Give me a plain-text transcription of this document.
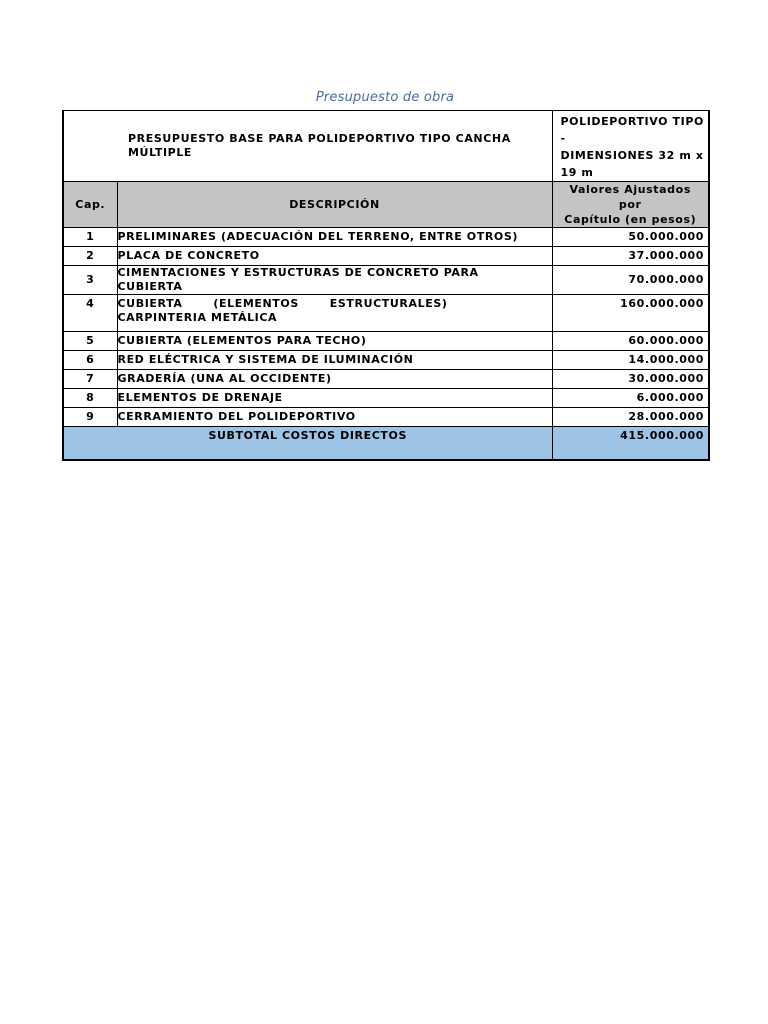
Presupuesto de obra
PRESUPUESTO BASE PARA POLIDEPORTIVO TIPO CANCHA MÚLTIPLE		POLIDEPORTIVO TIPO
-
DIMENSIONES 32 m x
19 m

Cap.	DESCRIPCIÓN	Valores Ajustados por
Capítulo (en pesos)

1	PRELIMINARES (ADECUACIÓN DEL TERRENO, ENTRE OTROS)	50.000.000
2	PLACA DE CONCRETO	37.000.000
3	CIMENTACIONES Y ESTRUCTURAS DE CONCRETO PARA CUBIERTA	70.000.000
4	CUBIERTA (ELEMENTOS ESTRUCTURALES)
CARPINTERIA METÁLICA	160.000.000
5	CUBIERTA (ELEMENTOS PARA TECHO)	60.000.000
6	RED ELÉCTRICA Y SISTEMA DE ILUMINACIÓN	14.000.000
7	GRADERÍA (UNA AL OCCIDENTE)	30.000.000
8	ELEMENTOS DE DRENAJE	6.000.000
9	CERRAMIENTO DEL POLIDEPORTIVO	28.000.000
SUBTOTAL COSTOS DIRECTOS		415.000.000
